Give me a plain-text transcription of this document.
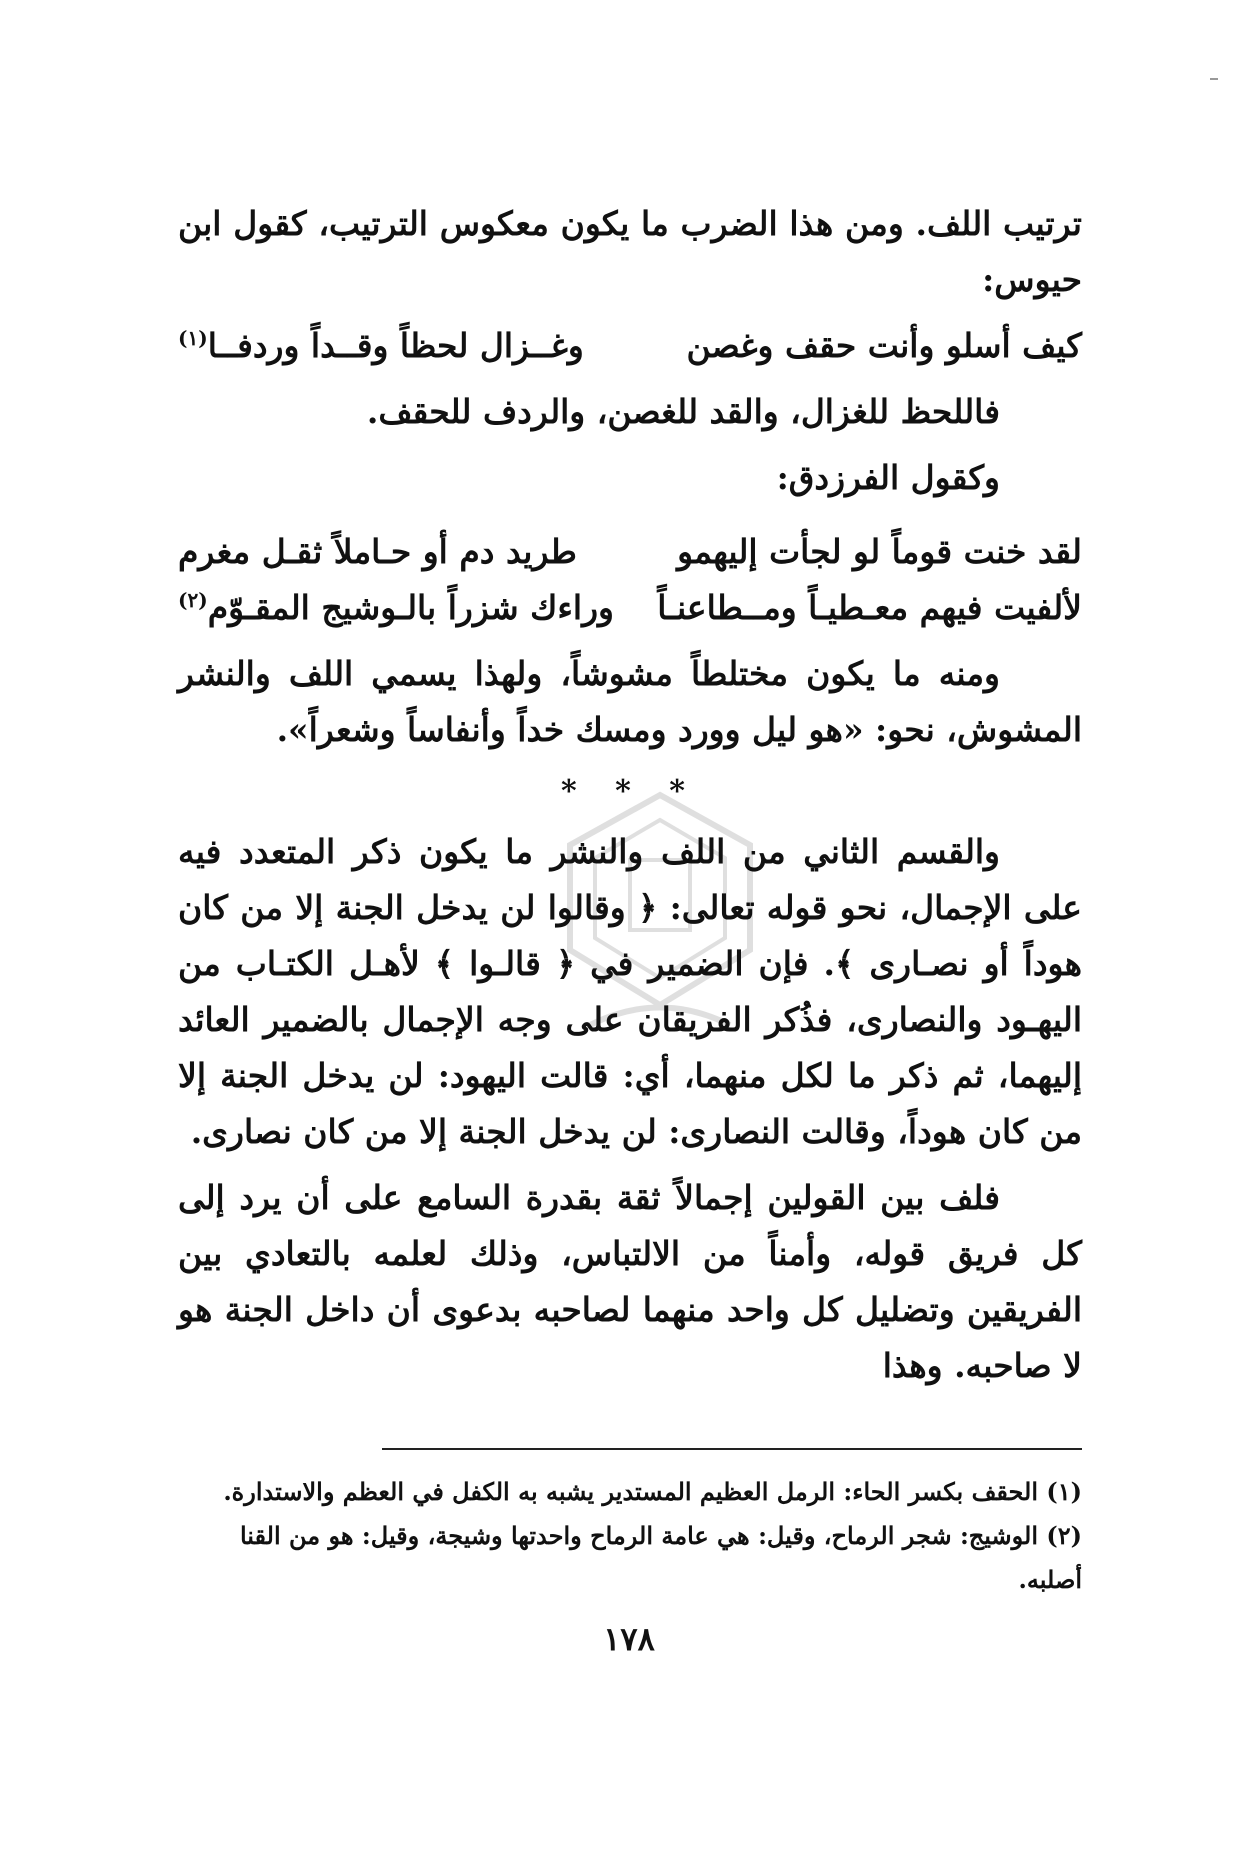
ترتيب اللف. ومن هذا الضرب ما يكون معكوس الترتيب، كقول ابن حيوس:

كيف أسلو وأنت حقف وغصن
وغــزال لحظاً وقــداً وردفــا$^{(١)}$

فاللحظ للغزال، والقد للغصن، والردف للحقف.

وكقول الفرزدق:

لقد خنت قوماً لو لجأت إليهمو
طريد دم أو حـاملاً ثقـل مغرم
لألفيت فيهم معـطيـاً ومــطاعنـاً
وراءك شزراً بالـوشيج المقـوّم$^{(٢)}$

ومنه ما يكون مختلطاً مشوشاً، ولهذا يسمي اللف والنشر المشوش، نحو: «هو ليل وورد ومسك خداً وأنفاساً وشعراً».

* * *

والقسم الثاني من اللف والنشر ما يكون ذكر المتعدد فيه على الإجمال، نحو قوله تعالى: ﴿ وقالوا لن يدخل الجنة إلا من كان هوداً أو نصـارى ﴾. فإن الضمير في ﴿ قالـوا ﴾ لأهـل الكتـاب من اليهـود والنصارى، فذُكر الفريقان على وجه الإجمال بالضمير العائد إليهما، ثم ذكر ما لكل منهما، أي: قالت اليهود: لن يدخل الجنة إلا من كان هوداً، وقالت النصارى: لن يدخل الجنة إلا من كان نصارى.

فلف بين القولين إجمالاً ثقة بقدرة السامع على أن يرد إلى كل فريق قوله، وأمناً من الالتباس، وذلك لعلمه بالتعادي بين الفريقين وتضليل كل واحد منهما لصاحبه بدعوى أن داخل الجنة هو لا صاحبه. وهذا

(١) الحقف بكسر الحاء: الرمل العظيم المستدير يشبه به الكفل في العظم والاستدارة.

(٢) الوشيج: شجر الرماح، وقيل: هي عامة الرماح واحدتها وشيجة، وقيل: هو من القنا أصلبه.

١٧٨
